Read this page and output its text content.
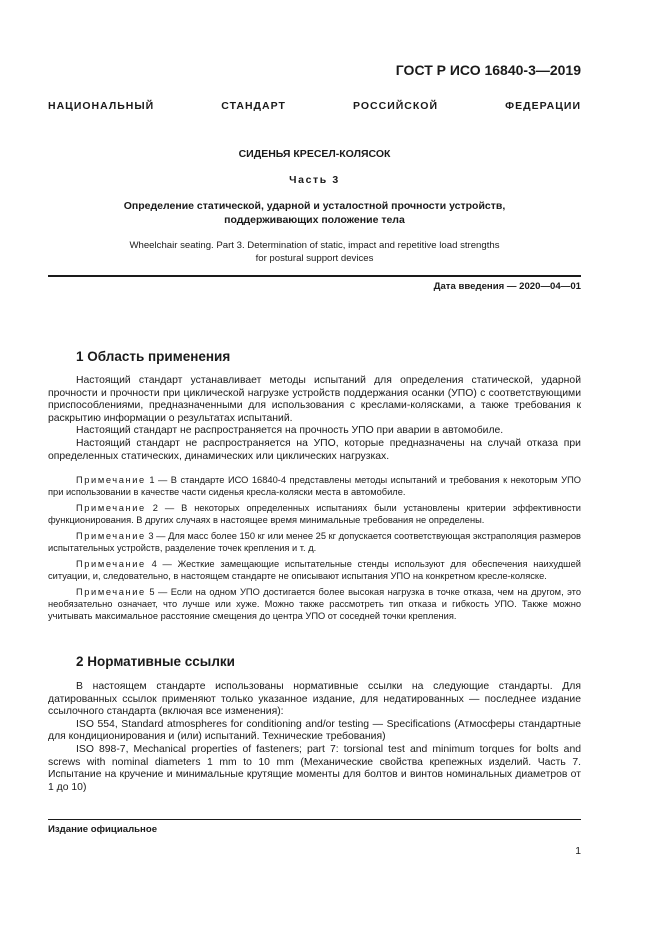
ГОСТ Р ИСО 16840-3—2019
НАЦИОНАЛЬНЫЙ СТАНДАРТ РОССИЙСКОЙ ФЕДЕРАЦИИ
СИДЕНЬЯ КРЕСЕЛ-КОЛЯСОК
Часть 3
Определение статической, ударной и усталостной прочности устройств,
поддерживающих положение тела
Wheelchair seating. Part 3. Determination of static, impact and repetitive load strengths
for postural support devices
Дата введения — 2020—04—01
1 Область применения

Настоящий стандарт устанавливает методы испытаний для определения статической, ударной прочности и прочности при циклической нагрузке устройств поддержания осанки (УПО) с соответствующими приспособлениями, предназначенными для использования с креслами-колясками, а также требования к раскрытию информации о результатах испытаний.

Настоящий стандарт не распространяется на прочность УПО при аварии в автомобиле.

Настоящий стандарт не распространяется на УПО, которые предназначены на случай отказа при определенных статических, динамических или циклических нагрузках.

Примечание 1 — В стандарте ИСО 16840-4 представлены методы испытаний и требования к некоторым УПО при использовании в качестве части сиденья кресла-коляски места в автомобиле.

Примечание 2 — В некоторых определенных испытаниях были установлены критерии эффективности функционирования. В других случаях в настоящее время минимальные требования не определены.

Примечание 3 — Для масс более 150 кг или менее 25 кг допускается соответствующая экстраполяция размеров испытательных устройств, разделение точек крепления и т. д.

Примечание 4 — Жесткие замещающие испытательные стенды используют для обеспечения наихудшей ситуации, и, следовательно, в настоящем стандарте не описывают испытания УПО на конкретном кресле-коляске.

Примечание 5 — Если на одном УПО достигается более высокая нагрузка в точке отказа, чем на другом, это необязательно означает, что лучше или хуже. Можно также рассмотреть тип отказа и гибкость УПО. Также можно учитывать максимальное расстояние смещения до центра УПО от соседней точки крепления.

2 Нормативные ссылки

В настоящем стандарте использованы нормативные ссылки на следующие стандарты. Для датированных ссылок применяют только указанное издание, для недатированных — последнее издание ссылочного стандарта (включая все изменения):

ISO 554, Standard atmospheres for conditioning and/or testing — Specifications (Атмосферы стандартные для кондиционирования и (или) испытаний. Технические требования)

ISO 898-7, Mechanical properties of fasteners; part 7: torsional test and minimum torques for bolts and screws with nominal diameters 1 mm to 10 mm (Механические свойства крепежных изделий. Часть 7. Испытание на кручение и минимальные крутящие моменты для болтов и винтов номинальных диаметров от 1 до 10)

Издание официальное
1
